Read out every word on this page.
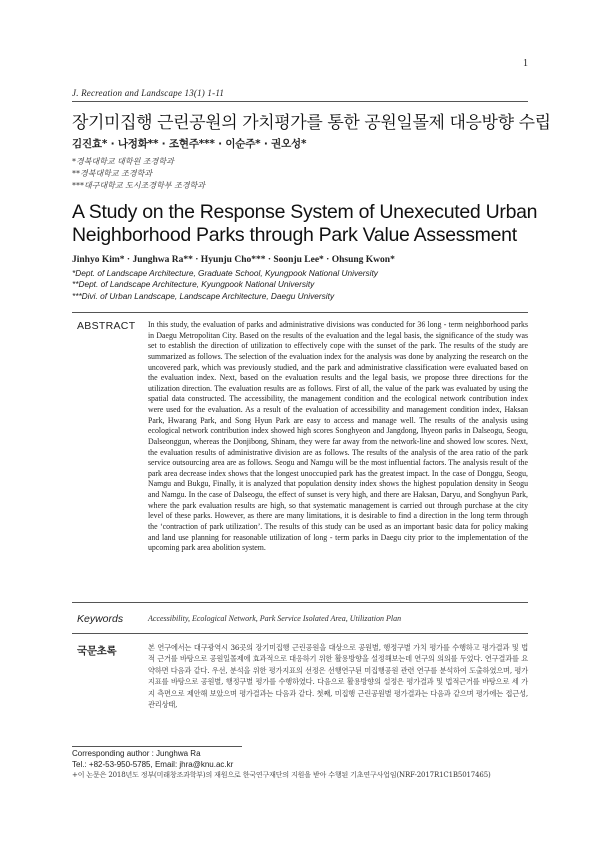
1
J. Recreation and Landscape 13(1) 1-11
장기미집행 근린공원의 가치평가를 통한 공원일몰제 대응방향 수립
김진효* · 나정화** · 조현주*** · 이순주* · 권오성*
*경북대학교 대학원 조경학과
**경북대학교 조경학과
***대구대학교 도시조경학부 조경학과
A Study on the Response System of Unexecuted Urban Neighborhood Parks through Park Value Assessment
Jinhyo Kim* · Junghwa Ra** · Hyunju Cho*** · Soonju Lee* · Ohsung Kwon*
*Dept. of Landscape Architecture, Graduate School, Kyungpook National University
**Dept. of Landscape Architecture, Kyungpook National University
***Divi. of Urban Landscape, Landscape Architecture, Daegu University
ABSTRACT In this study, the evaluation of parks and administrative divisions was conducted for 36 long - term neighborhood parks in Daegu Metropolitan City. Based on the results of the evaluation and the legal basis, the significance of the study was set to establish the direction of utilization to effectively cope with the sunset of the park. The results of the study are summarized as follows. The selection of the evaluation index for the analysis was done by analyzing the research on the uncovered park, which was previously studied, and the park and administrative classification were evaluated based on the evaluation index. Next, based on the evaluation results and the legal basis, we propose three directions for the utilization direction. The evaluation results are as follows. First of all, the value of the park was evaluated by using the spatial data constructed. The accessibility, the management condition and the ecological network contribution index were used for the evaluation. As a result of the evaluation of accessibility and management condition index, Haksan Park, Hwarang Park, and Song Hyun Park are easy to access and manage well. The results of the analysis using ecological network contribution index showed high scores Songhyeon and Jangdong, Ihyeon parks in Dalseogu, Seogu, Dalseonggun, whereas the Donjibong, Shinam, they were far away from the network-line and showed low scores. Next, the evaluation results of administrative division are as follows. The results of the analysis of the area ratio of the park service outsourcing area are as follows. Seogu and Namgu will be the most influential factors. The analysis result of the park area decrease index shows that the longest unoccupied park has the greatest impact. In the case of Donggu, Seogu, Namgu and Bukgu, Finally, it is analyzed that population density index shows the highest population density in Seogu and Namgu. In the case of Dalseogu, the effect of sunset is very high, and there are Haksan, Daryu, and Songhyun Park, where the park evaluation results are high, so that systematic management is carried out through purchase at the city level of these parks. However, as there are many limitations, it is desirable to find a direction in the long term through the ‘contraction of park utilization’. The results of this study can be used as an important basic data for policy making and land use planning for reasonable utilization of long - term parks in Daegu city prior to the implementation of the upcoming park area abolition system.
Keywords	Accessibility, Ecological Network, Park Service Isolated Area, Utilization Plan
국문초록	본 연구에서는 대구광역시 36곳의 장기미집행 근린공원을 대상으로 공원별, 행정구별 가치 평가를 수행하고 평가결과 및 법적 근거를 바탕으로 공원일몰제에 효과적으로 대응하기 위한 활용방향을 설정해보는데 연구의 의의를 두었다. 연구결과를 요약하면 다음과 같다. 우선, 분석을 위한 평가지표의 선정은 선행연구된 미집행공원 관련 연구를 분석하여 도출하였으며, 평가지표를 바탕으로 공원별, 행정구별 평가를 수행하였다. 다음으로 활용방향의 설정은 평가결과 및 법적근거를 바탕으로 세 가지 측면으로 제안해 보았으며 평가결과는 다음과 같다. 첫째, 미집행 근린공원별 평가결과는 다음과 같으며 평가에는 접근성, 관리상태,
Corresponding author : Junghwa Ra
Tel.: +82-53-950-5785, Email: jhra@knu.ac.kr
+이 논문은 2018년도 정부(미래창조과학부)의 재원으로 한국연구재단의 지원을 받아 수행된 기초연구사업임(NRF-2017R1C1B5017465)
